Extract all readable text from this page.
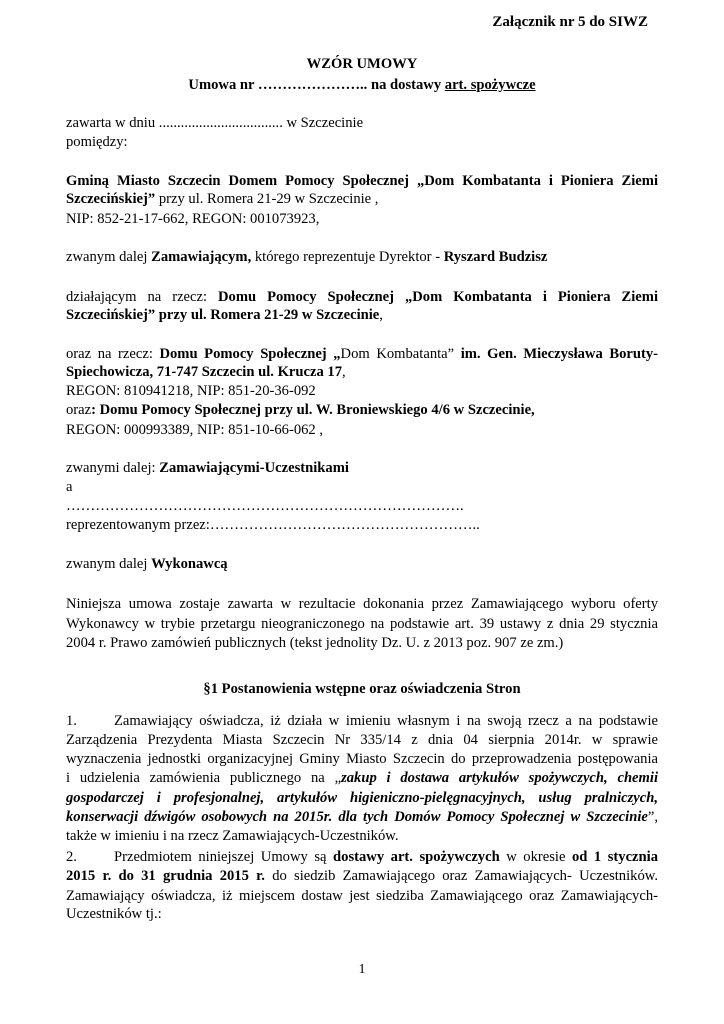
Załącznik nr 5 do SIWZ
WZÓR UMOWY
Umowa nr ………………….. na dostawy art. spożywcze
zawarta w dniu .................................. w Szczecinie
pomiędzy:
Gminą Miasto Szczecin Domem Pomocy Społecznej „Dom Kombatanta i Pioniera Ziemi
Szczecińskiej” przy ul. Romera 21-29 w Szczecinie ,
NIP: 852-21-17-662, REGON: 001073923,
zwanym dalej Zamawiającym, którego reprezentuje Dyrektor - Ryszard Budzisz
działającym na rzecz: Domu Pomocy Społecznej „Dom Kombatanta i Pioniera Ziemi
Szczecińskiej” przy ul. Romera 21-29 w Szczecinie,
oraz na rzecz: Domu Pomocy Społecznej „Dom Kombatanta” im. Gen. Mieczysława Boruty-
Spiechowicza, 71-747 Szczecin ul. Krucza 17,
REGON: 810941218, NIP: 851-20-36-092
oraz: Domu Pomocy Społecznej przy ul. W. Broniewskiego 4/6 w Szczecinie,
REGON: 000993389, NIP: 851-10-66-062 ,
zwanymi dalej: Zamawiającymi-Uczestnikami
a
……………………………………………………………………….
reprezentowanym przez:………………………………………………..
zwanym dalej Wykonawcą
Niniejsza umowa zostaje zawarta w rezultacie dokonania przez Zamawiającego wyboru oferty
Wykonawcy w trybie przetargu nieograniczonego na podstawie art. 39 ustawy z dnia 29 stycznia
2004 r. Prawo zamówień publicznych (tekst jednolity Dz. U. z 2013 poz. 907 ze zm.)
§1 Postanowienia wstępne oraz oświadczenia Stron
1.	Zamawiający oświadcza, iż działa w imieniu własnym i na swoją rzecz a na podstawie
Zarządzenia Prezydenta Miasta Szczecin Nr 335/14 z dnia 04 sierpnia 2014r. w sprawie
wyznaczenia jednostki organizacyjnej Gminy Miasto Szczecin do przeprowadzenia postępowania
i udzielenia zamówienia publicznego na „zakup i dostawa artykułów spożywczych, chemii
gospodarczej i profesjonalnej, artykułów higieniczno-pielęgnacyjnych, usług pralniczych,
konserwacji dźwigów osobowych na 2015r. dla tych Domów Pomocy Społecznej w Szczecinie”,
także w imieniu i na rzecz Zamawiających-Uczestników.
2.	Przedmiotem niniejszej Umowy są dostawy art. spożywczych w okresie od 1 stycznia
2015 r. do 31 grudnia 2015 r. do siedzib Zamawiającego oraz Zamawiających- Uczestników.
Zamawiający oświadcza, iż miejscem dostaw jest siedziba Zamawiającego oraz Zamawiających-
Uczestników tj.:
1
